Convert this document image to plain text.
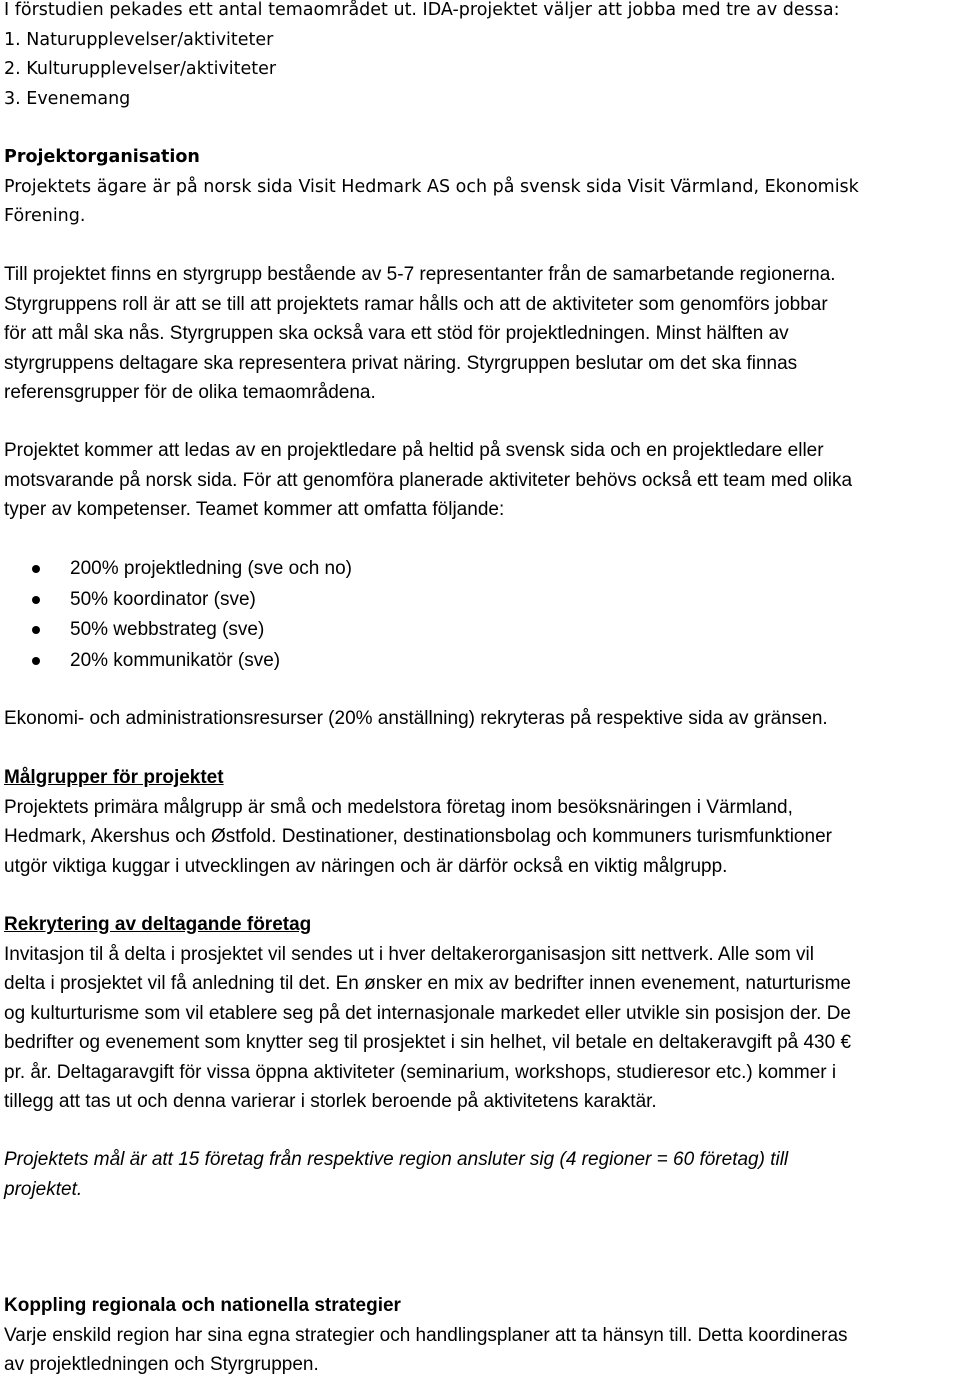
I förstudien pekades ett antal temaområdet ut. IDA-projektet väljer att jobba med tre av dessa:
1. Naturupplevelser/aktiviteter
2. Kulturupplevelser/aktiviteter
3. Evenemang
Projektorganisation
Projektets ägare är på norsk sida Visit Hedmark AS och på svensk sida Visit Värmland, Ekonomisk
Förening.
Till projektet finns en styrgrupp bestående av 5-7 representanter från de samarbetande regionerna.
Styrgruppens roll är att se till att projektets ramar hålls och att de aktiviteter som genomförs jobbar
för att mål ska nås. Styrgruppen ska också vara ett stöd för projektledningen. Minst hälften av
styrgruppens deltagare ska representera privat näring. Styrgruppen beslutar om det ska finnas
referensgrupper för de olika temaområdena.
Projektet kommer att ledas av en projektledare på heltid på svensk sida och en projektledare eller
motsvarande på norsk sida. För att genomföra planerade aktiviteter behövs också ett team med olika
typer av kompetenser. Teamet kommer att omfatta följande:
200% projektledning (sve och no)
50% koordinator (sve)
50% webbstrateg (sve)
20% kommunikatör (sve)
Ekonomi- och administrationsresurser (20% anställning) rekryteras på respektive sida av gränsen.
Målgrupper för projektet
Projektets primära målgrupp är små och medelstora företag inom besöksnäringen i Värmland,
Hedmark, Akershus och Østfold. Destinationer, destinationsbolag och kommuners turismfunktioner
utgör viktiga kuggar i utvecklingen av näringen och är därför också en viktig målgrupp.
Rekrytering av deltagande företag
Invitasjon til å delta i prosjektet vil sendes ut i hver deltakerorganisasjon sitt nettverk. Alle som vil
delta i prosjektet vil få anledning til det. En ønsker en mix av bedrifter innen evenement, naturturisme
og kulturturisme som vil etablere seg på det internasjonale markedet eller utvikle sin posisjon der. De
bedrifter og evenement som knytter seg til prosjektet i sin helhet, vil betale en deltakeravgift på 430 €
pr. år. Deltagaravgift för vissa öppna aktiviteter (seminarium, workshops, studieresor etc.) kommer i
tillegg att tas ut och denna varierar i storlek beroende på aktivitetens karaktär.
Projektets mål är att 15 företag från respektive region ansluter sig (4 regioner = 60 företag) till
projektet.
Koppling regionala och nationella strategier
Varje enskild region har sina egna strategier och handlingsplaner att ta hänsyn till. Detta koordineras
av projektledningen och Styrgruppen.
